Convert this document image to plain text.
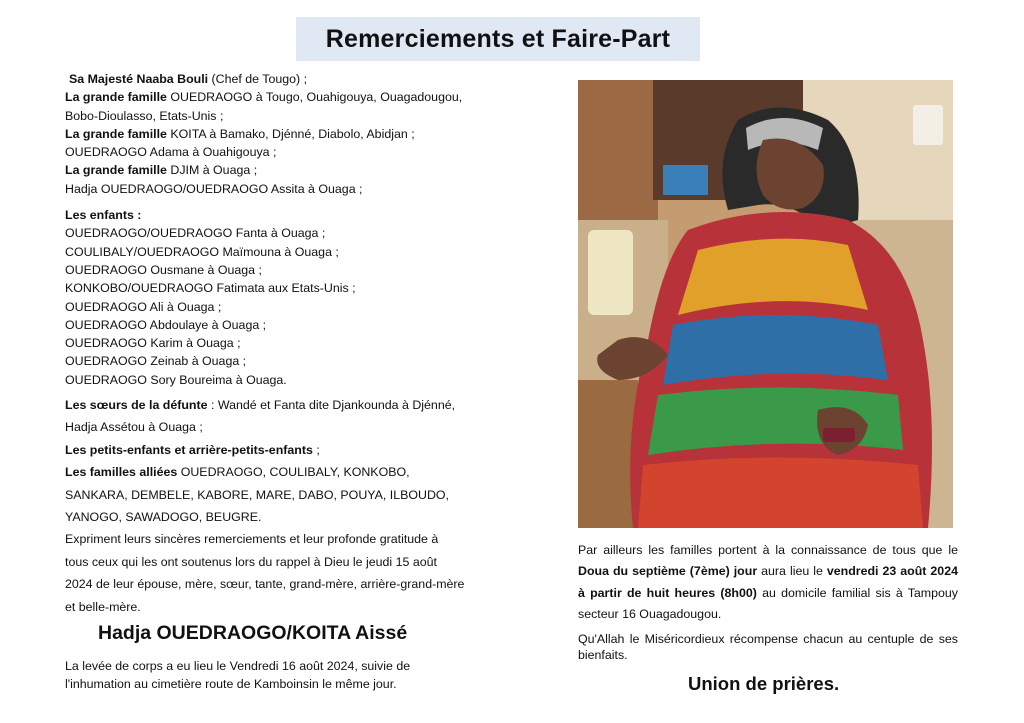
Remerciements et Faire-Part

Sa Majesté Naaba Bouli (Chef de Tougo) ;

La grande famille OUEDRAOGO à Tougo, Ouahigouya, Ouagadougou,

Bobo-Dioulasso, Etats-Unis ;

La grande famille KOITA à Bamako, Djénné, Diabolo, Abidjan ;

OUEDRAOGO Adama à Ouahigouya ;

La grande famille DJIM à Ouaga ;

Hadja OUEDRAOGO/OUEDRAOGO Assita à Ouaga ;

Les enfants :

OUEDRAOGO/OUEDRAOGO Fanta à Ouaga ;

COULIBALY/OUEDRAOGO Maïmouna à Ouaga ;

OUEDRAOGO Ousmane à Ouaga ;

KONKOBO/OUEDRAOGO Fatimata aux Etats-Unis ;

OUEDRAOGO Ali à Ouaga ;

OUEDRAOGO Abdoulaye à Ouaga ;

OUEDRAOGO Karim à Ouaga ;

OUEDRAOGO Zeinab à Ouaga ;

OUEDRAOGO Sory Boureima à Ouaga.

Les sœurs de la défunte : Wandé et Fanta dite Djankounda à Djénné,

Hadja Assétou à Ouaga ;

Les petits-enfants et arrière-petits-enfants ;

Les familles alliées OUEDRAOGO, COULIBALY, KONKOBO,

SANKARA, DEMBELE, KABORE, MARE, DABO, POUYA, ILBOUDO,

YANOGO, SAWADOGO, BEUGRE.

Expriment leurs sincères remerciements et leur profonde gratitude à

tous ceux qui les ont soutenus lors du rappel à Dieu le jeudi 15 août

2024 de leur épouse, mère, sœur, tante, grand-mère, arrière-grand-mère

et belle-mère.

Hadja OUEDRAOGO/KOITA Aissé

La levée de corps a eu lieu le Vendredi 16 août 2024, suivie de

l'inhumation au cimetière route de Kamboinsin le même jour.

Par ailleurs les familles portent à la connaissance de tous que le Doua du septième (7ème) jour aura lieu le vendredi 23 août 2024 à partir de huit heures (8h00) au domicile familial sis à Tampouy secteur 16 Ouagadougou.

Qu'Allah le Miséricordieux récompense chacun au centuple de ses bienfaits.

Union de prières.
